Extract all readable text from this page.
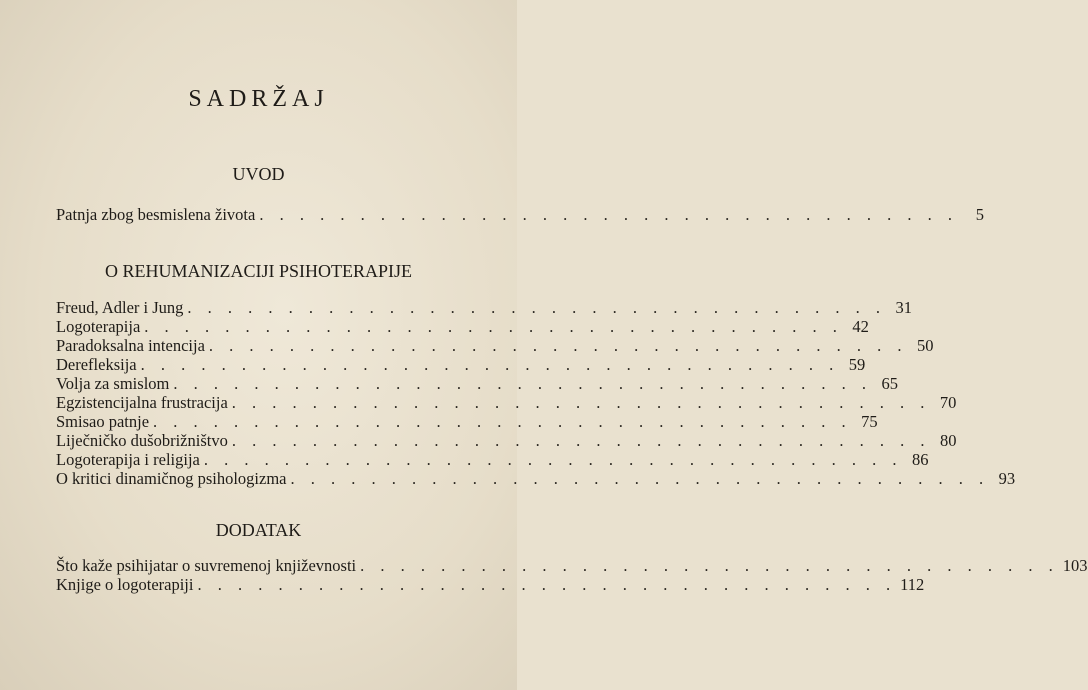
SADRŽAJ
UVOD
Patnja zbog besmislena života . . . . . . . . . . . . . . . . . . . . . . . . . . . . . . . . . . .	5
O REHUMANIZACIJI PSIHOTERAPIJE
Freud, Adler i Jung . . . . . . . . . . . . . . . . . . . . . . . . . . . . . . . . . . . 31
Logoterapija . . . . . . . . . . . . . . . . . . . . . . . . . . . . . . . . . . . 42
Paradoksalna intencija . . . . . . . . . . . . . . . . . . . . . . . . . . . . . . . . . . . 50
Derefleksija . . . . . . . . . . . . . . . . . . . . . . . . . . . . . . . . . . . 59
Volja za smislom . . . . . . . . . . . . . . . . . . . . . . . . . . . . . . . . . . . 65
Egzistencijalna frustracija . . . . . . . . . . . . . . . . . . . . . . . . . . . . . . . . . . . 70
Smisao patnje . . . . . . . . . . . . . . . . . . . . . . . . . . . . . . . . . . . 75
Liječničko dušobrižništvo . . . . . . . . . . . . . . . . . . . . . . . . . . . . . . . . . . . 80
Logoterapija i religija . . . . . . . . . . . . . . . . . . . . . . . . . . . . . . . . . . . 86
O kritici dinamičnog psihologizma . . . . . . . . . . . . . . . . . . . . . . . . . . . . . . . . . . . 93
DODATAK
Što kaže psihijatar o suvremenoj književnosti . . . . . . . . . . . . . . . . . . . . . . . . . . . . . . . . . . . 103
Knjige o logoterapiji . . . . . . . . . . . . . . . . . . . . . . . . . . . . . . . . . . . 112
